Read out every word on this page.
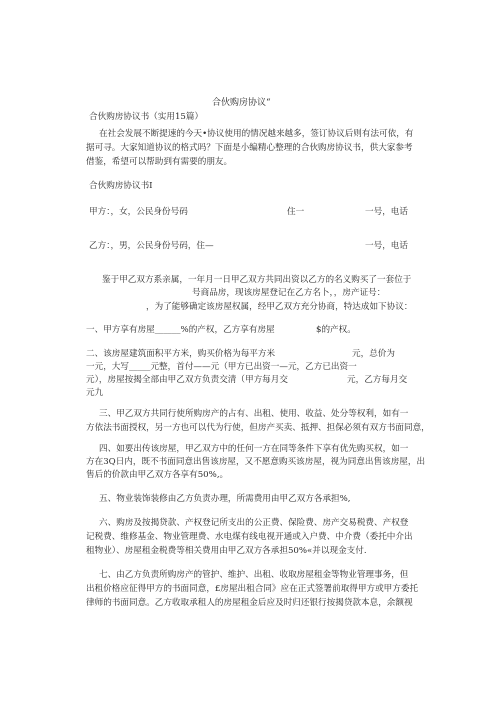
合伙购房协议“
合伙购房协议书（实用15篇）
在社会发展不断提速的今天•协议使用的情况越来越多，签订协议后则有法可依，有
据可寻。大家知道协议的格式吗？下面是小编精心整理的合伙购房协议书，供大家参考
借鉴，希望可以帮助到有需要的朋友。
合伙购房协议书I
甲方：，女，公民身份号码	住一	一号，电话
乙方：，男，公民身份号码，住—	一号，电话
鉴于甲乙双方系亲属，一年月一日甲乙双方共同出资以乙方的名义购买了一套位于
号商品房，现该房屋登记在乙方名卜，，房产证号：
，为了能够确定该房屋权属，经甲乙双方充分协商，特达成如下协议：
一、甲方享有房屋______%的产权，乙方享有房屋	$的产权。
二、该房屋建筑面积平方米，购买价格为每平方米	元，总价为
一元，大写_____元整，首付——元（甲方已出资一—元，乙方已出资一
元），房屋按揭全部由甲乙双方负责交清（甲方每月交	元，乙方每月交
元九
三、甲乙双方共同行使所购房产的占有、出租、使用、收益、处分等权利，如有一
方依法书面授权，另一方也可以代为行使，但房产买卖、抵押、担保必须有双方书面同意，
四、如要出传该房屋，甲乙双方中的任何一方在同等条件下享有优先购买权，如一
方在3Q日内，既不书面同意出售该房屋，又不愿意购买该房屋，视为同意出售该房屋，出
售后的价款由甲乙双方各享有50%,。
五、物业装饰装修由乙方负责办理，所需费用由甲乙双方各承担%,
六、购房及按揭贷款、产权登记所支出的公正费、保险费、房产交易税费、产权登
记税费、维修基金、物业管理费、水电煤有线电视开通或入户费、中介费（委托中介出
租物业）、房屋租金税费等相关费用由甲乙双方各承担50%«并以现金支付.
七、由乙方负责所购房产的管护、维护、出租、收取房屋租金等物业管理事务，但
出租价格应征得甲方的书面同意，£房屋出租合同》应在正式签署前取得甲方或甲方委托
律师的书面同意。乙方收取承租人的房屋租金后应及时归还银行按揭贷款本息，余额视
